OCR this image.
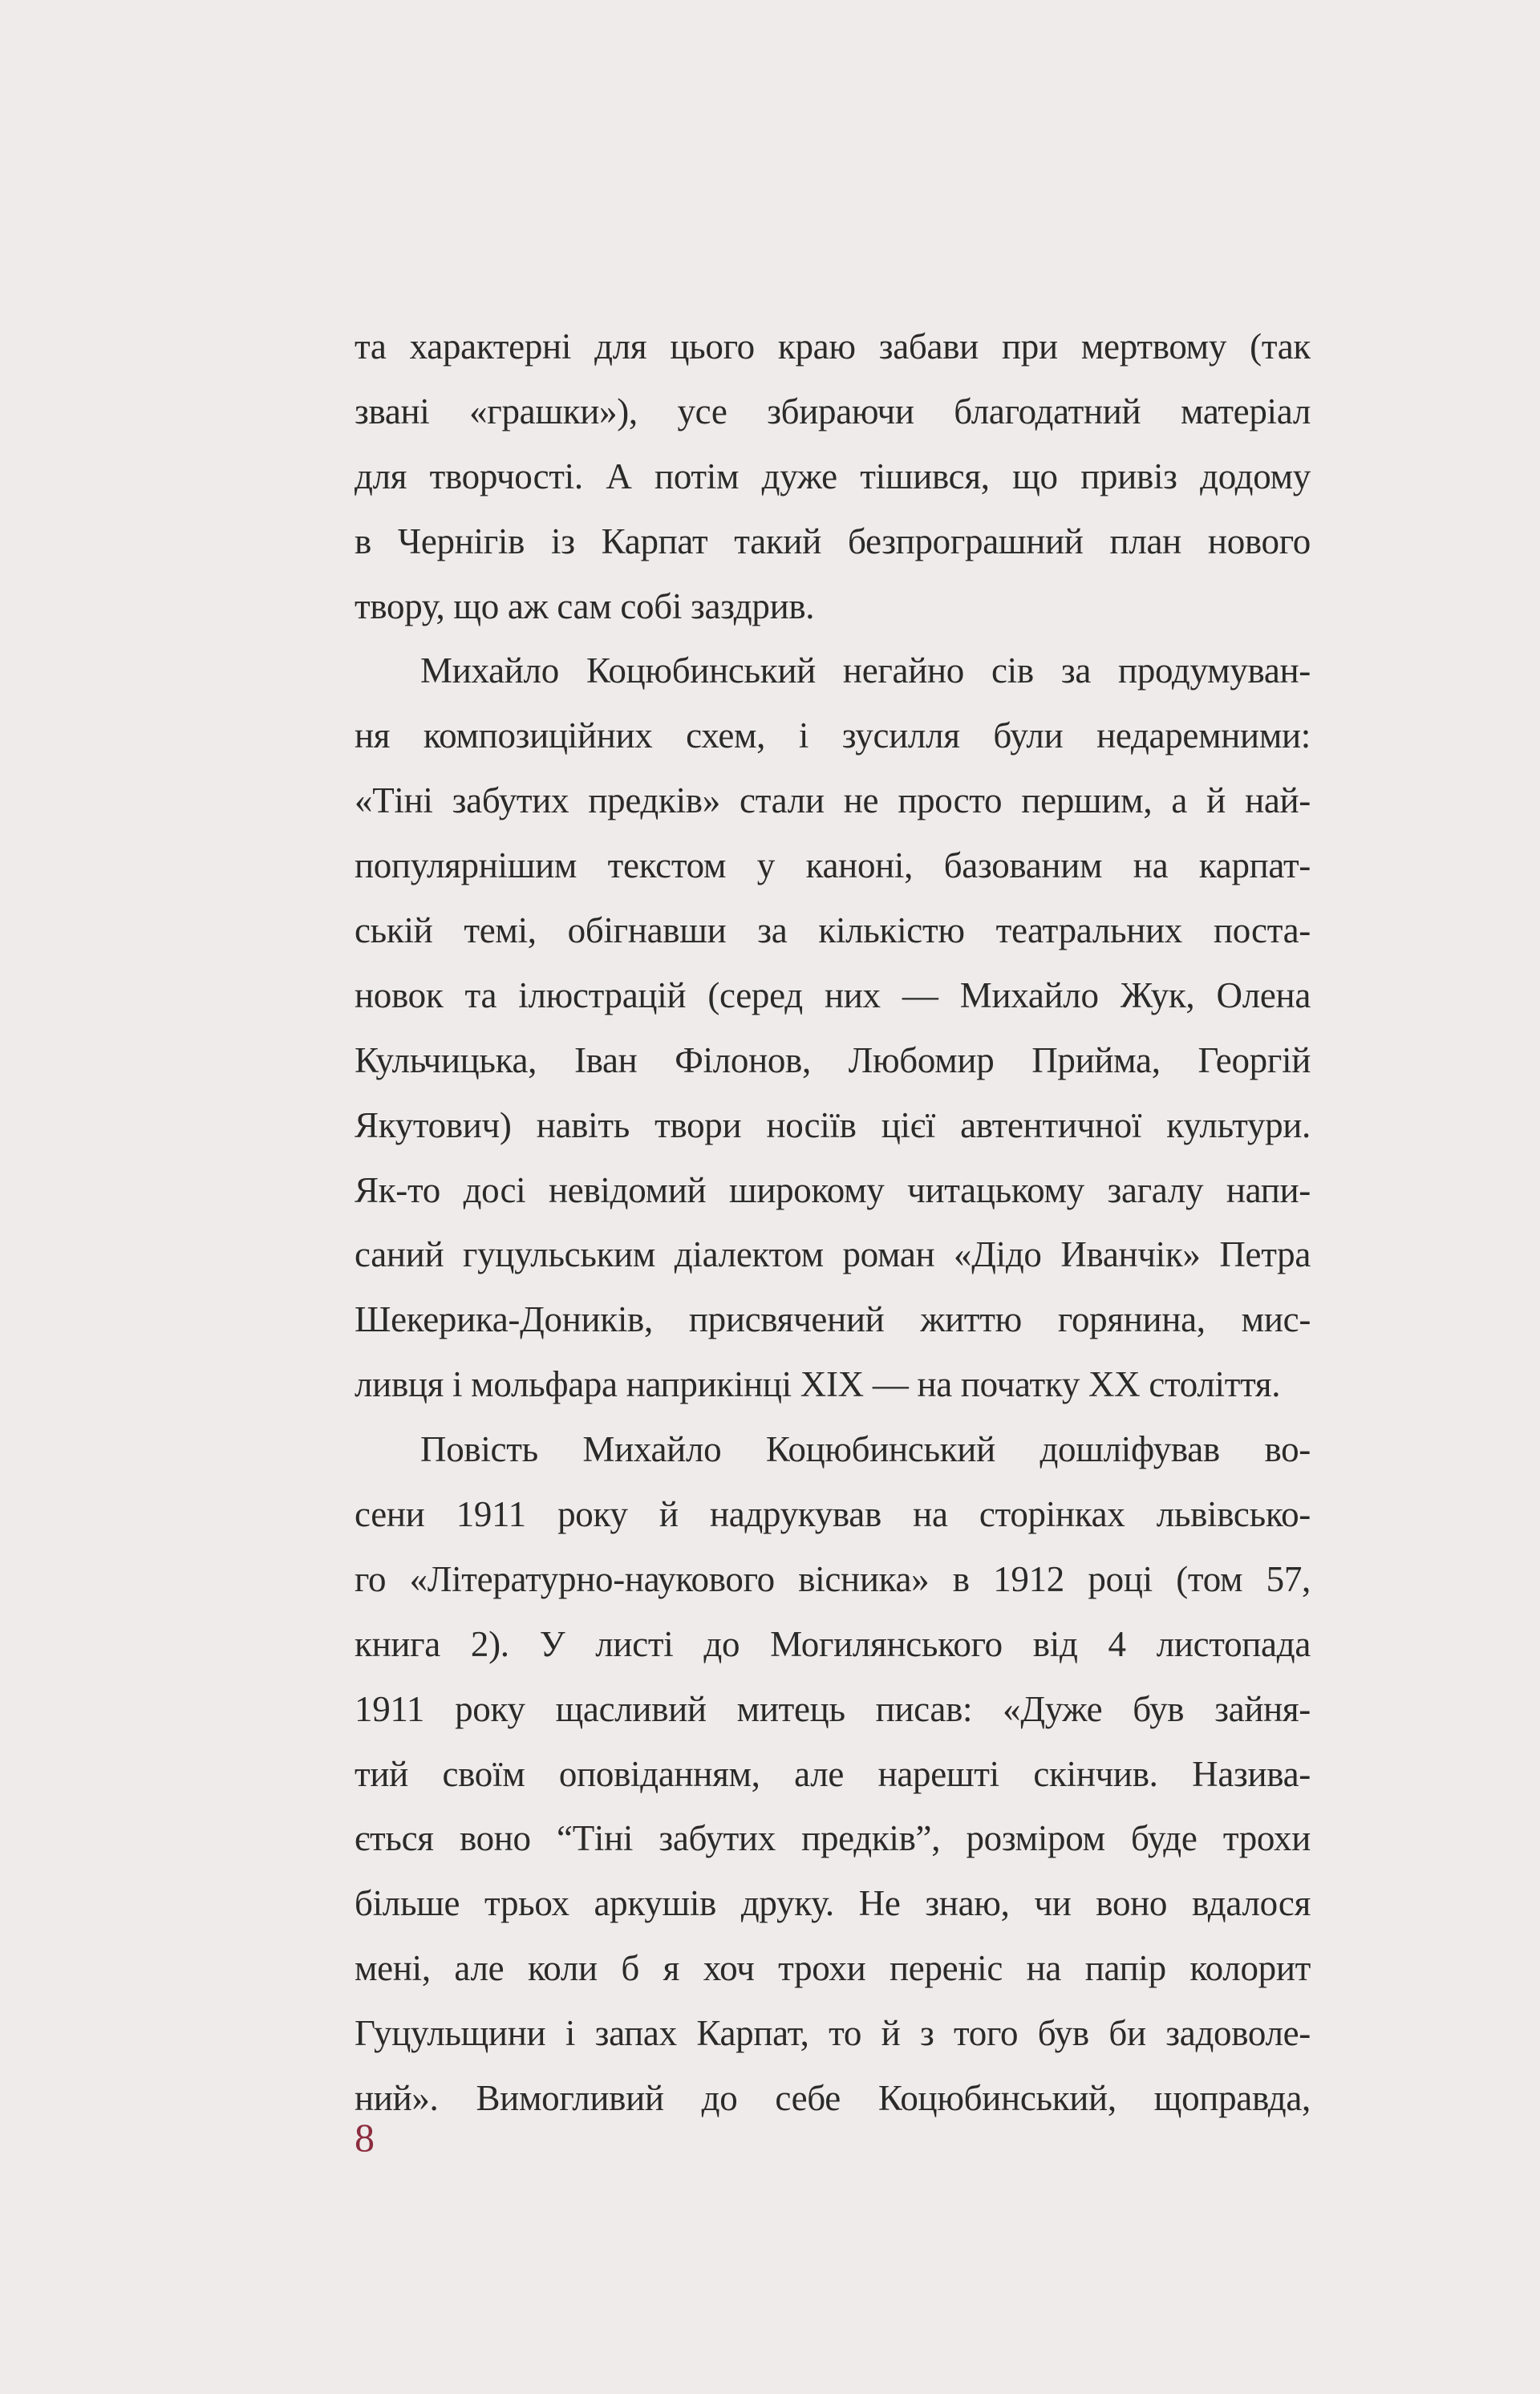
та характерні для цього краю забави при мертвому (так
звані «грашки»), усе збираючи благодатний матеріал
для творчості. А потім дуже тішився, що привіз додому
в Чернігів із Карпат такий безпрограшний план нового
твору, що аж сам собі заздрив.
Михайло Коцюбинський негайно сів за продумуван-
ня композиційних схем, і зусилля були недаремними:
«Тіні забутих предків» стали не просто першим, а й най-
популярнішим текстом у каноні, базованим на карпат-
ській темі, обігнавши за кількістю театральних поста-
новок та ілюстрацій (серед них — Михайло Жук, Олена
Кульчицька, Іван Філонов, Любомир Прийма, Георгій
Якутович) навіть твори носіїв цієї автентичної культури.
Як-то досі невідомий широкому читацькому загалу напи-
саний гуцульським діалектом роман «Дідо Иванчік» Петра
Шекерика-Доників, присвячений життю горянина, мис-
ливця і мольфара наприкінці XIX — на початку XX століття.
Повість Михайло Коцюбинський дошліфував во-
сени 1911 року й надрукував на сторінках львівсько-
го «Літературно-наукового вісника» в 1912 році (том 57,
книга 2). У листі до Могилянського від 4 листопада
1911 року щасливий митець писав: «Дуже був зайня-
тий своїм оповіданням, але нарешті скінчив. Назива-
ється воно “Тіні забутих предків”, розміром буде трохи
більше трьох аркушів друку. Не знаю, чи воно вдалося
мені, але коли б я хоч трохи переніс на папір колорит
Гуцульщини і запах Карпат, то й з того був би задоволе-
ний». Вимогливий до себе Коцюбинський, щоправда,
8
